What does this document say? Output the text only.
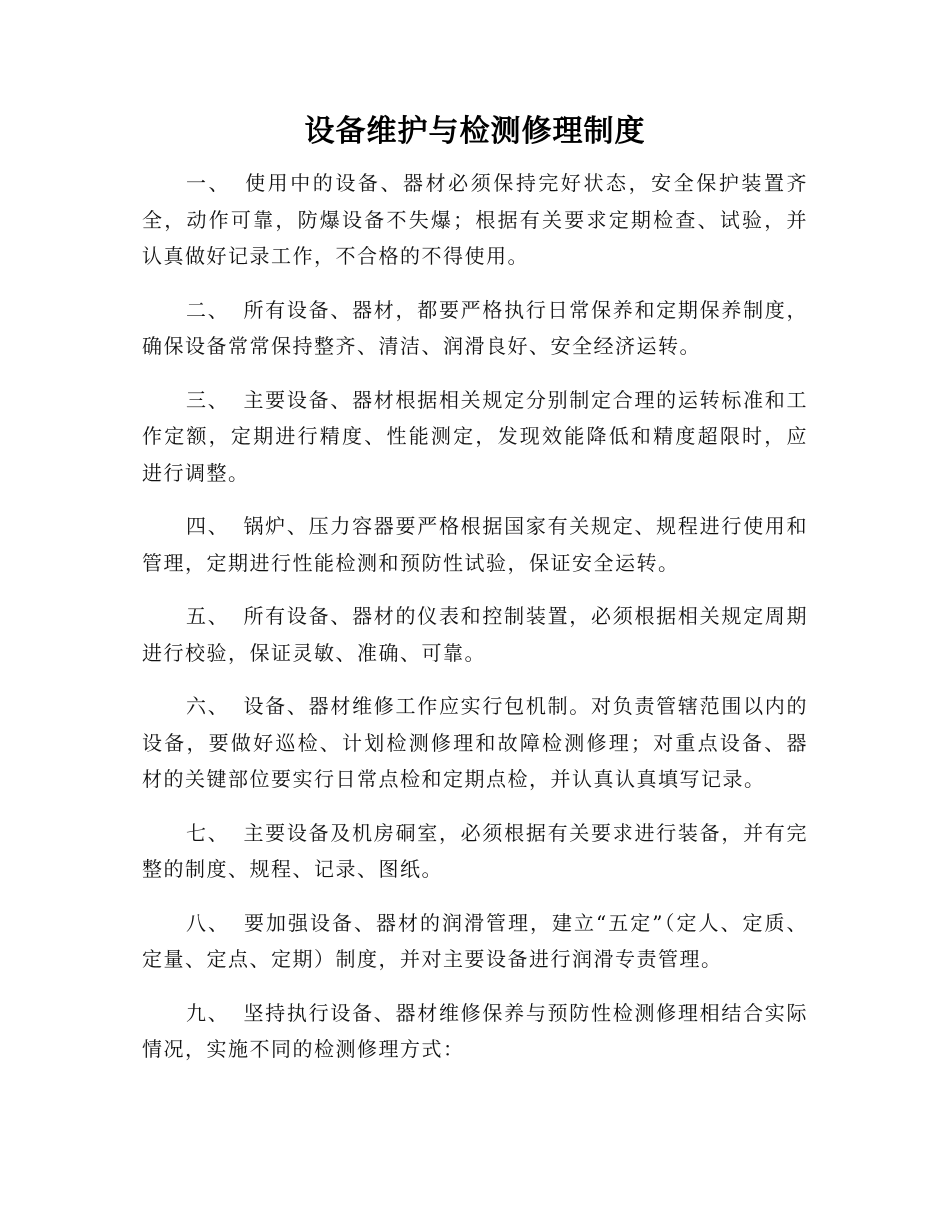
设备维护与检测修理制度

一、 使用中的设备、器材必须保持完好状态，安全保护装置齐全，动作可靠，防爆设备不失爆；根据有关要求定期检查、试验，并认真做好记录工作，不合格的不得使用。

二、 所有设备、器材，都要严格执行日常保养和定期保养制度，确保设备常常保持整齐、清洁、润滑良好、安全经济运转。

三、 主要设备、器材根据相关规定分别制定合理的运转标准和工作定额，定期进行精度、性能测定，发现效能降低和精度超限时，应进行调整。

四、 锅炉、压力容器要严格根据国家有关规定、规程进行使用和管理，定期进行性能检测和预防性试验，保证安全运转。

五、 所有设备、器材的仪表和控制装置，必须根据相关规定周期进行校验，保证灵敏、准确、可靠。

六、 设备、器材维修工作应实行包机制。对负责管辖范围以内的设备，要做好巡检、计划检测修理和故障检测修理；对重点设备、器材的关键部位要实行日常点检和定期点检，并认真认真填写记录。

七、 主要设备及机房硐室，必须根据有关要求进行装备，并有完整的制度、规程、记录、图纸。

八、 要加强设备、器材的润滑管理，建立“五定”（定人、定质、定量、定点、定期）制度，并对主要设备进行润滑专责管理。

九、 坚持执行设备、器材维修保养与预防性检测修理相结合实际情况，实施不同的检测修理方式：
